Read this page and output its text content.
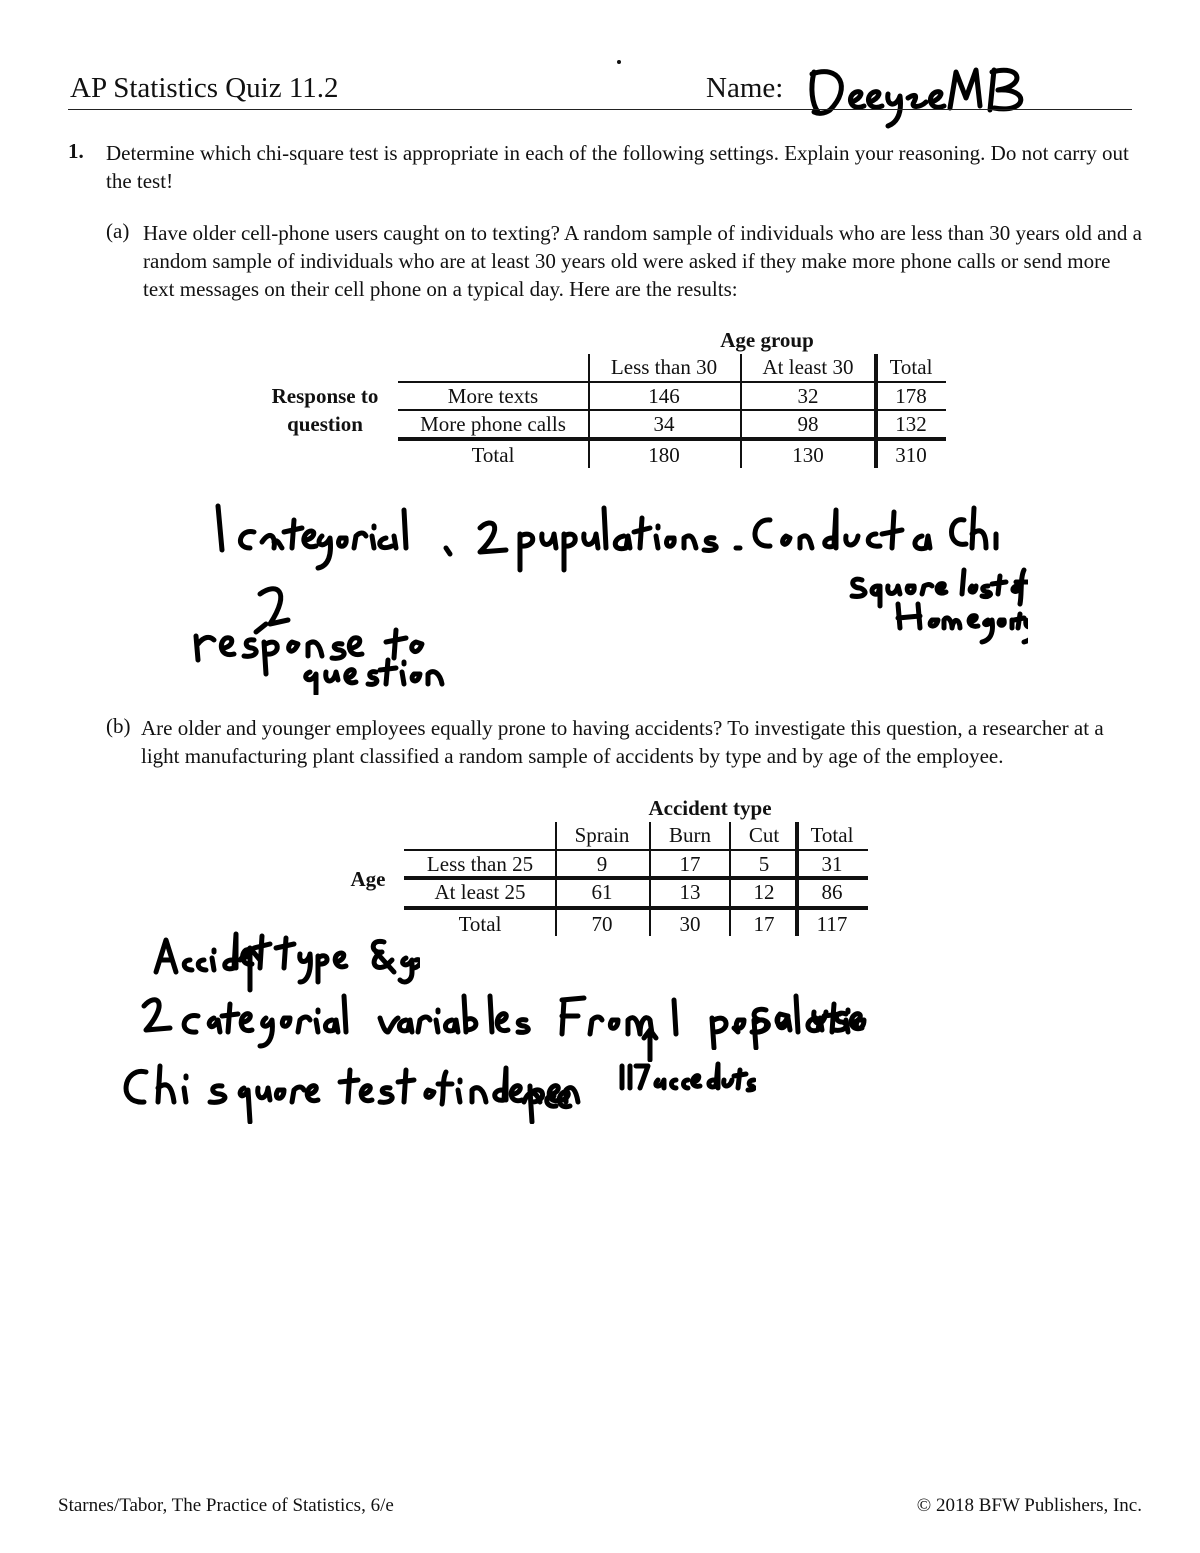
AP Statistics Quiz 11.2	Name:
1. Determine which chi-square test is appropriate in each of the following settings. Explain your reasoning. Do not carry out the test!
(a) Have older cell-phone users caught on to texting? A random sample of individuals who are less than 30 years old and a random sample of individuals who are at least 30 years old were asked if they make more phone calls or send more text messages on their cell phone on a typical day. Here are the results:
Age group
Response to
question
Less than 30 At least 30 Total
More texts	146	32	178
More phone calls	34	98	132
Total	180	130	310
(b) Are older and younger employees equally prone to having accidents? To investigate this question, a researcher at a light manufacturing plant classified a random sample of accidents by type and by age of the employee.
Accident type
Age
Sprain Burn Cut Total
Less than 25	9	17	5 31
At least 25	61	13	12 86
Total	70	30	17 117
Starnes/Tabor, The Practice of Statistics, 6/e	© 2018 BFW Publishers, Inc.
